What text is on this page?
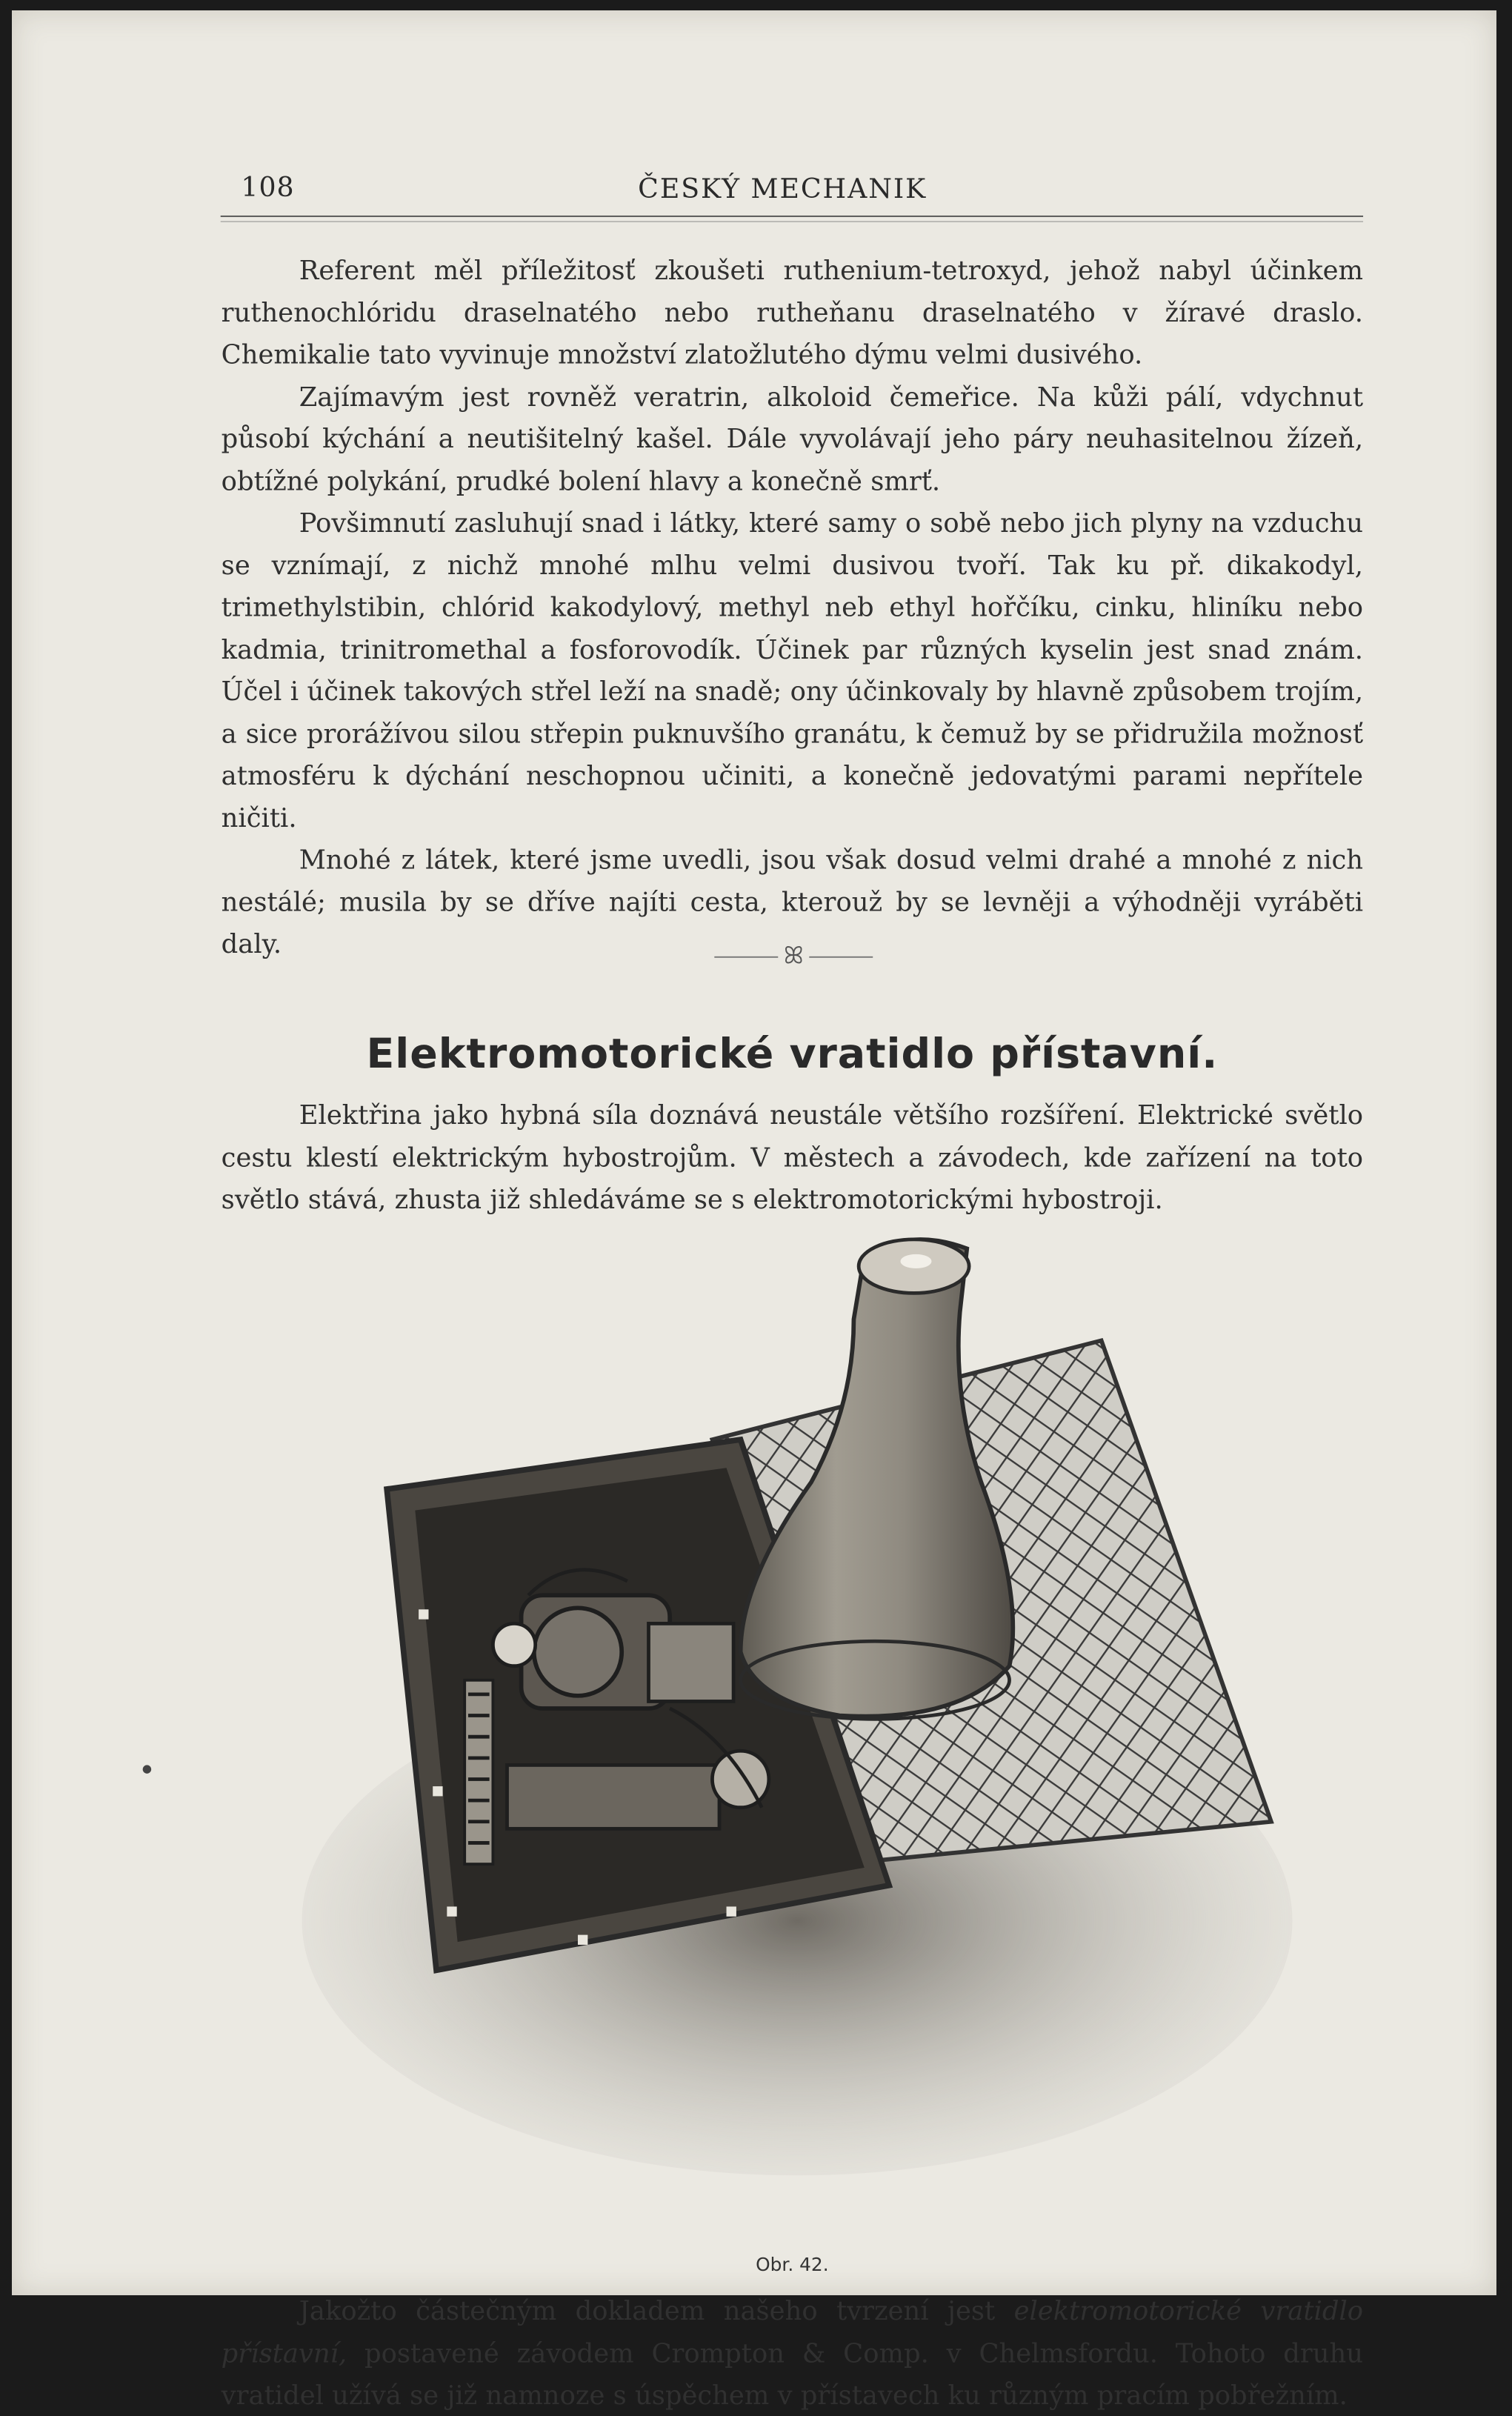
108	ČESKÝ MECHANIK

Referent měl příležitosť zkoušeti ruthenium-tetroxyd, jehož nabyl účinkem ruthenochlóridu draselnatého nebo rutheňanu draselnatého v žíravé draslo. Chemikalie tato vyvinuje množství zlatožlutého dýmu velmi dusivého.

Zajímavým jest rovněž veratrin, alkoloid čemeřice. Na kůži pálí, vdychnut působí kýchání a neutišitelný kašel. Dále vyvolávají jeho páry neuhasitelnou žízeň, obtížné polykání, prudké bolení hlavy a konečně smrť.

Povšimnutí zasluhují snad i látky, které samy o sobě nebo jich plyny na vzduchu se vznímají, z nichž mnohé mlhu velmi dusivou tvoří. Tak ku př. dikakodyl, trimethylstibin, chlórid kakodylový, methyl neb ethyl hořčíku, cinku, hliníku nebo kadmia, trinitromethal a fosforovodík. Účinek par různých kyselin jest snad znám. Účel i účinek takových střel leží na snadě; ony účinkovaly by hlavně způsobem trojím, a sice prorážívou silou střepin puknuvšího granátu, k čemuž by se přidružila možnosť atmosféru k dýchání neschopnou učiniti, a konečně jedovatými parami nepřítele ničiti.

Mnohé z látek, které jsme uvedli, jsou však dosud velmi drahé a mnohé z nich nestálé; musila by se dříve najíti cesta, kterouž by se levněji a výhodněji vyráběti daly.	ꕤ
Elektromotorické vratidlo přístavní.

Elektřina jako hybná síla doznává neustále většího rozšíření. Elektrické světlo cestu klestí elektrickým hybostrojům. V městech a závodech, kde zařízení na toto světlo stává, zhusta již shledáváme se s elektromotorickými hybostroji.

Obr. 42.

Jakožto částečným dokladem našeho tvrzení jest elektromotorické vratidlo přístavní, postavené závodem Crompton & Comp. v Chelmsfordu. Tohoto druhu vratidel užívá se již namnoze s úspěchem v přístavech ku různým pracím pobřežním.
